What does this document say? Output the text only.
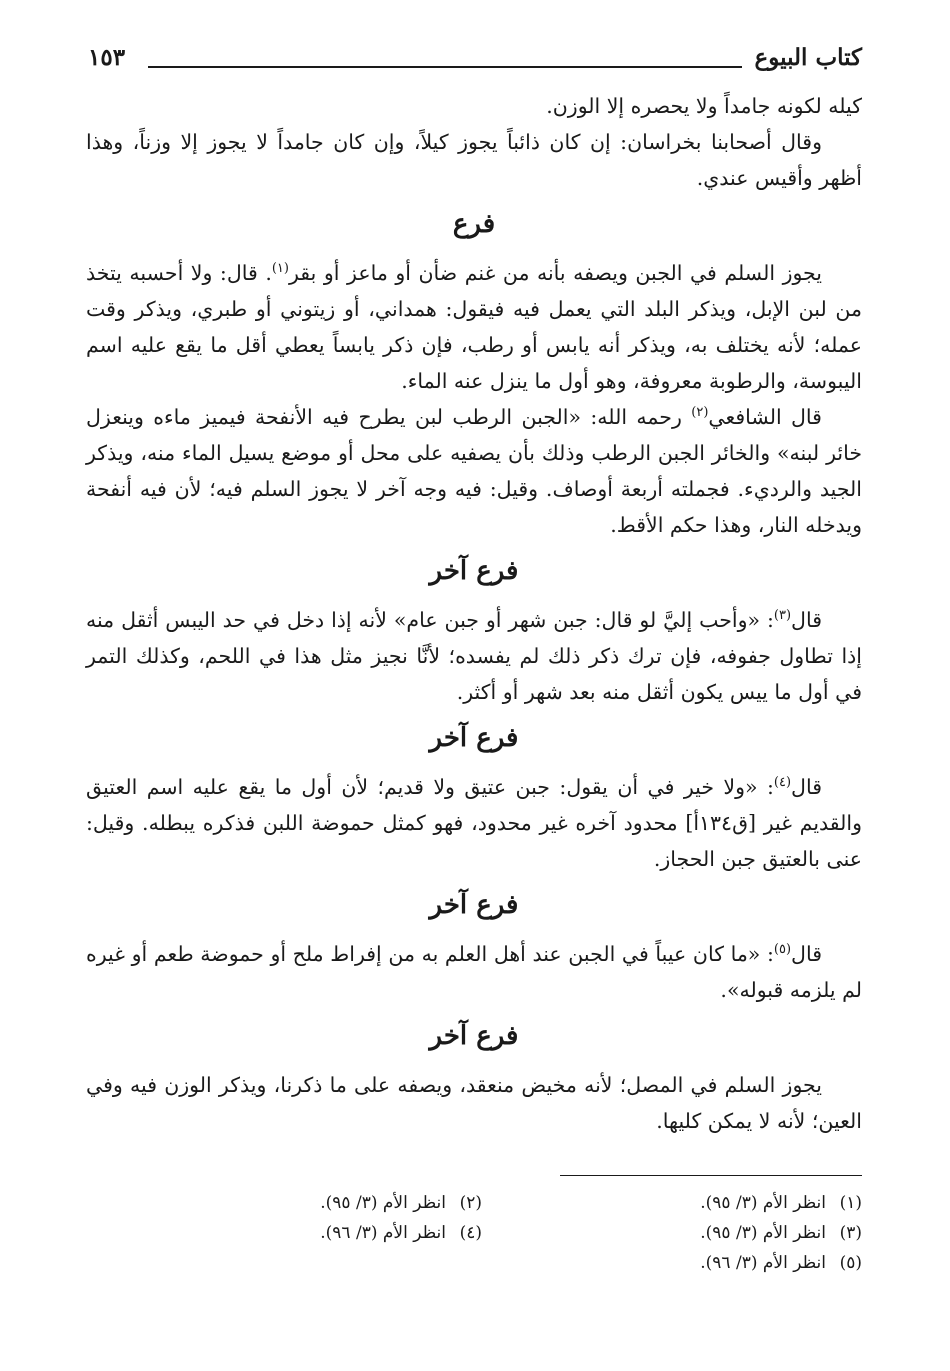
كتاب البيوع
١٥٣

كيله لكونه جامداً ولا يحصره إلا الوزن.

وقال أصحابنا بخراسان: إن كان ذائباً يجوز كيلاً، وإن كان جامداً لا يجوز إلا وزناً، وهذا أظهر وأقيس عندي.

فرع

يجوز السلم في الجبن ويصفه بأنه من غنم ضأن أو ماعز أو بقر$^{(١)}$. قال: ولا أحسبه يتخذ من لبن الإبل، ويذكر البلد التي يعمل فيه فيقول: همداني، أو زيتوني أو طبري، ويذكر وقت عمله؛ لأنه يختلف به، ويذكر أنه يابس أو رطب، فإن ذكر يابساً يعطي أقل ما يقع عليه اسم اليبوسة، والرطوبة معروفة، وهو أول ما ينزل عنه الماء.

قال الشافعي$^{(٢)}$ رحمه الله: «الجبن الرطب لبن يطرح فيه الأنفحة فيميز ماءه وينعزل خائر لبنه» والخائر الجبن الرطب وذلك بأن يصفيه على محل أو موضع يسيل الماء منه، ويذكر الجيد والرديء. فجملته أربعة أوصاف. وقيل: فيه وجه آخر لا يجوز السلم فيه؛ لأن فيه أنفحة ويدخله النار، وهذا حكم الأقط.

فرع آخر

قال$^{(٣)}$: «وأحب إليَّ لو قال: جبن شهر أو جبن عام» لأنه إذا دخل في حد اليبس أثقل منه إذا تطاول جفوفه، فإن ترك ذكر ذلك لم يفسده؛ لأنَّا نجيز مثل هذا في اللحم، وكذلك التمر في أول ما ييس يكون أثقل منه بعد شهر أو أكثر.

فرع آخر

قال$^{(٤)}$: «ولا خير في أن يقول: جبن عتيق ولا قديم؛ لأن أول ما يقع عليه اسم العتيق والقديم غير [ق١٣٤أ] محدود آخره غير محدود، فهو كمثل حموضة اللبن فذكره يبطله. وقيل: عنى بالعتيق جبن الحجاز.

فرع آخر

قال$^{(٥)}$: «ما كان عيباً في الجبن عند أهل العلم به من إفراط ملح أو حموضة طعم أو غيره لم يلزمه قبوله».

فرع آخر

يجوز السلم في المصل؛ لأنه مخيض منعقد، ويصفه على ما ذكرنا، ويذكر الوزن فيه وفي العين؛ لأنه لا يمكن كليها.

(١)انظر الأم (٣/ ٩٥).
(٢)انظر الأم (٣/ ٩٥).
(٣)انظر الأم (٣/ ٩٥).
(٤)انظر الأم (٣/ ٩٦).
(٥)انظر الأم (٣/ ٩٦).
